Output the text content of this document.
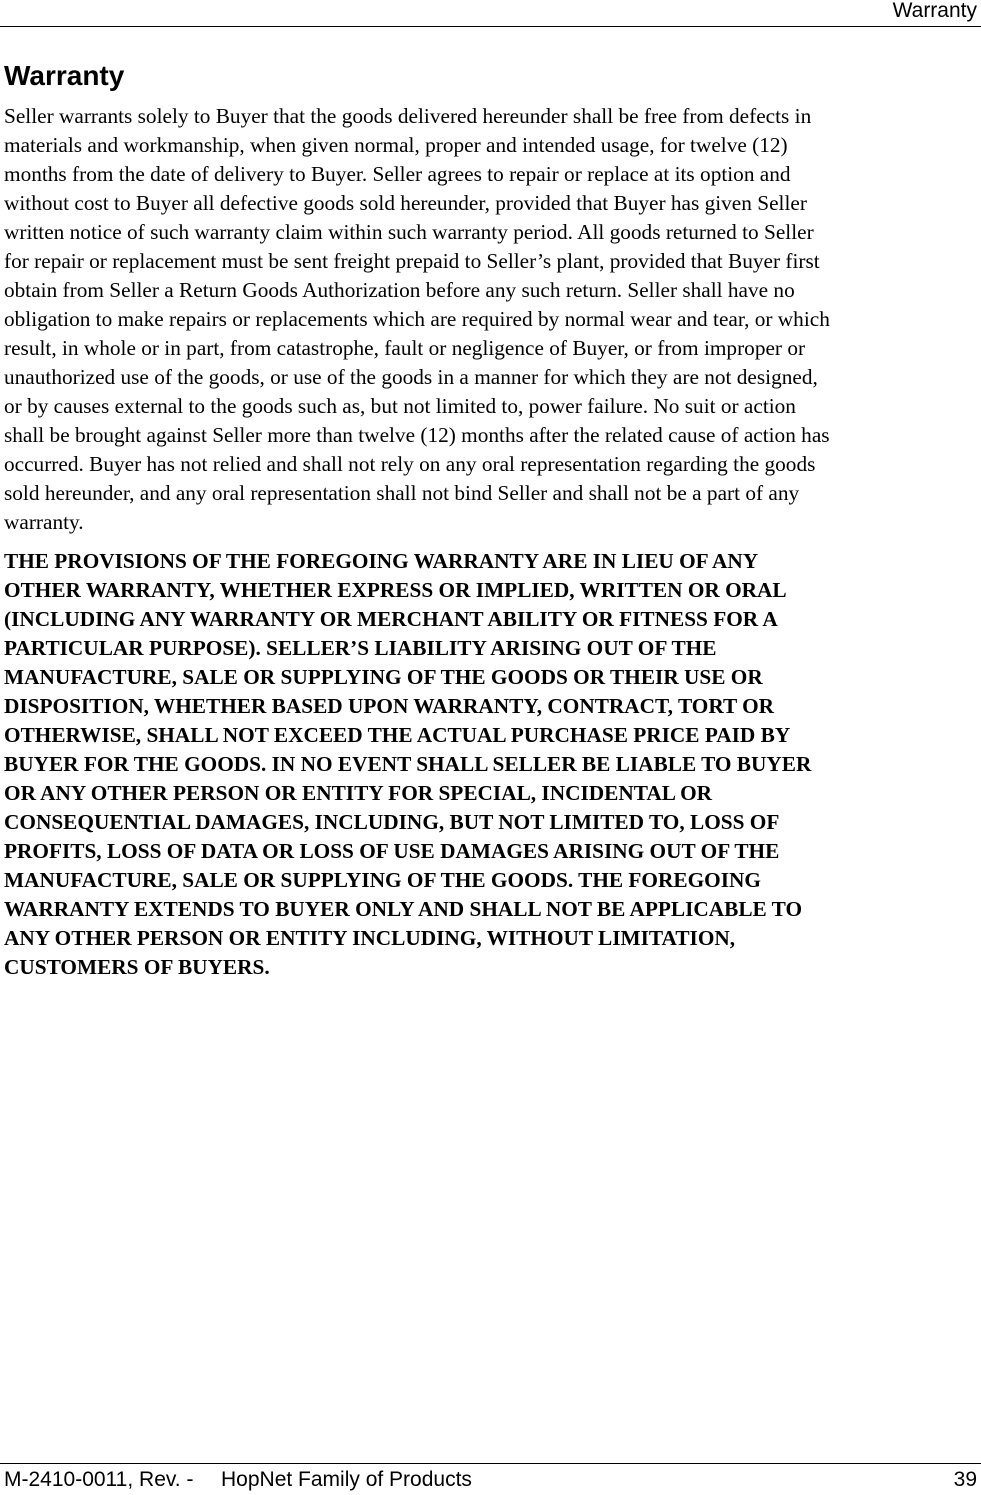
Warranty
Warranty

Seller warrants solely to Buyer that the goods delivered hereunder shall be free from defects in
materials and workmanship, when given normal, proper and intended usage, for twelve (12)
months from the date of delivery to Buyer. Seller agrees to repair or replace at its option and
without cost to Buyer all defective goods sold hereunder, provided that Buyer has given Seller
written notice of such warranty claim within such warranty period. All goods returned to Seller
for repair or replacement must be sent freight prepaid to Seller’s plant, provided that Buyer first
obtain from Seller a Return Goods Authorization before any such return. Seller shall have no
obligation to make repairs or replacements which are required by normal wear and tear, or which
result, in whole or in part, from catastrophe, fault or negligence of Buyer, or from improper or
unauthorized use of the goods, or use of the goods in a manner for which they are not designed,
or by causes external to the goods such as, but not limited to, power failure. No suit or action
shall be brought against Seller more than twelve (12) months after the related cause of action has
occurred. Buyer has not relied and shall not rely on any oral representation regarding the goods
sold hereunder, and any oral representation shall not bind Seller and shall not be a part of any
warranty.

THE PROVISIONS OF THE FOREGOING WARRANTY ARE IN LIEU OF ANY
OTHER WARRANTY, WHETHER EXPRESS OR IMPLIED, WRITTEN OR ORAL
(INCLUDING ANY WARRANTY OR MERCHANT ABILITY OR FITNESS FOR A
PARTICULAR PURPOSE). SELLER’S LIABILITY ARISING OUT OF THE
MANUFACTURE, SALE OR SUPPLYING OF THE GOODS OR THEIR USE OR
DISPOSITION, WHETHER BASED UPON WARRANTY, CONTRACT, TORT OR
OTHERWISE, SHALL NOT EXCEED THE ACTUAL PURCHASE PRICE PAID BY
BUYER FOR THE GOODS. IN NO EVENT SHALL SELLER BE LIABLE TO BUYER
OR ANY OTHER PERSON OR ENTITY FOR SPECIAL, INCIDENTAL OR
CONSEQUENTIAL DAMAGES, INCLUDING, BUT NOT LIMITED TO, LOSS OF
PROFITS, LOSS OF DATA OR LOSS OF USE DAMAGES ARISING OUT OF THE
MANUFACTURE, SALE OR SUPPLYING OF THE GOODS. THE FOREGOING
WARRANTY EXTENDS TO BUYER ONLY AND SHALL NOT BE APPLICABLE TO
ANY OTHER PERSON OR ENTITY INCLUDING, WITHOUT LIMITATION,
CUSTOMERS OF BUYERS.

M-2410-0011, Rev. - HopNet Family of Products	39
